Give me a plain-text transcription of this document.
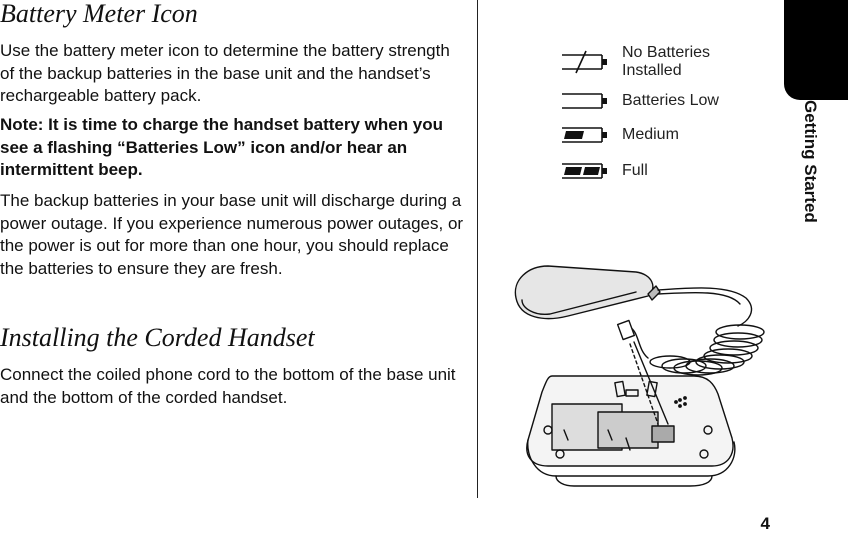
Battery Meter Icon

Use the battery meter icon to determine the battery strength of the backup batteries in the base unit and the handset’s rechargeable battery pack.

Note: It is time to charge the handset battery when you see a flashing “Batteries Low” icon and/or hear an intermittent beep.

The backup batteries in your base unit will discharge during a power outage. If you experience numerous power outages, or the power is out for more than one hour, you should replace the batteries to ensure they are fresh.

Installing the Corded Handset

Connect the coiled phone cord to the bottom of the base unit and the bottom of the corded handset.

No Batteries
Installed
Batteries Low
Medium
Full	Getting Started
4
